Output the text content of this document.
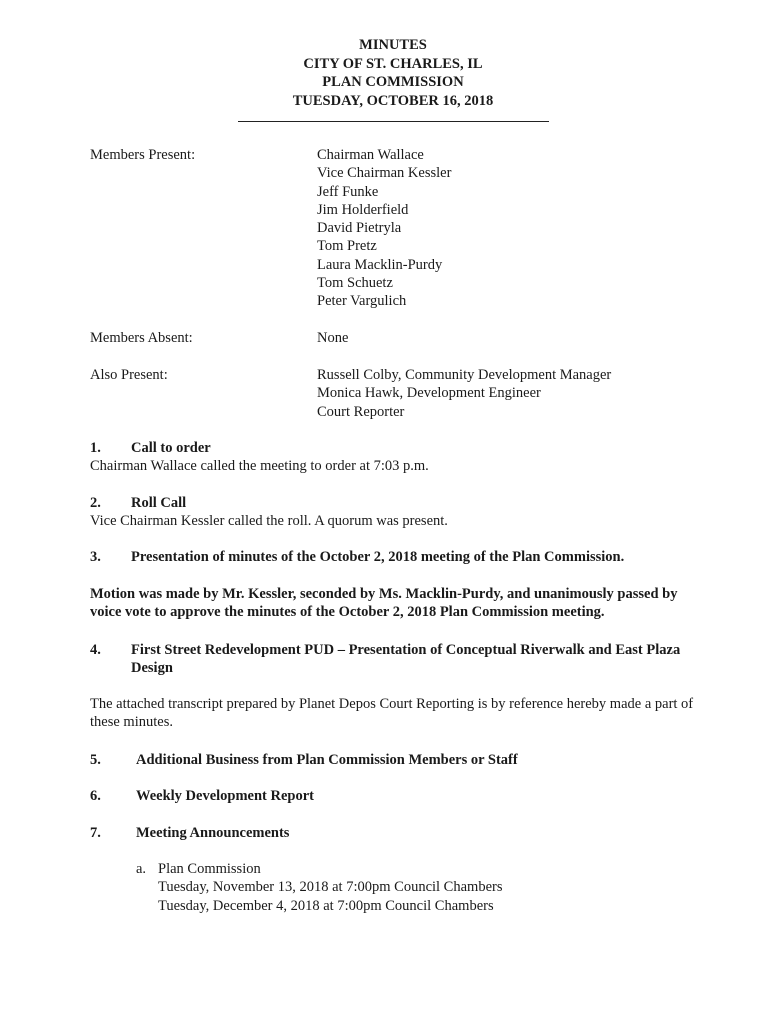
MINUTES
CITY OF ST. CHARLES, IL
PLAN COMMISSION
TUESDAY, OCTOBER 16, 2018
Members Present:	Chairman Wallace
Vice Chairman Kessler
Jeff Funke
Jim Holderfield
David Pietryla
Tom Pretz
Laura Macklin-Purdy
Tom Schuetz
Peter Vargulich
Members Absent:	None
Also Present:	Russell Colby, Community Development Manager
Monica Hawk, Development Engineer
Court Reporter
1. Call to order
Chairman Wallace called the meeting to order at 7:03 p.m.
2. Roll Call
Vice Chairman Kessler called the roll. A quorum was present.
3. Presentation of minutes of the October 2, 2018 meeting of the Plan Commission.
Motion was made by Mr. Kessler, seconded by Ms. Macklin-Purdy, and unanimously passed by voice vote to approve the minutes of the October 2, 2018 Plan Commission meeting.
4. First Street Redevelopment PUD – Presentation of Conceptual Riverwalk and East Plaza
Design
The attached transcript prepared by Planet Depos Court Reporting is by reference hereby made a part of these minutes.
5. Additional Business from Plan Commission Members or Staff
6. Weekly Development Report
7. Meeting Announcements
a. Plan Commission
Tuesday, November 13, 2018 at 7:00pm Council Chambers
Tuesday, December 4, 2018 at 7:00pm Council Chambers
